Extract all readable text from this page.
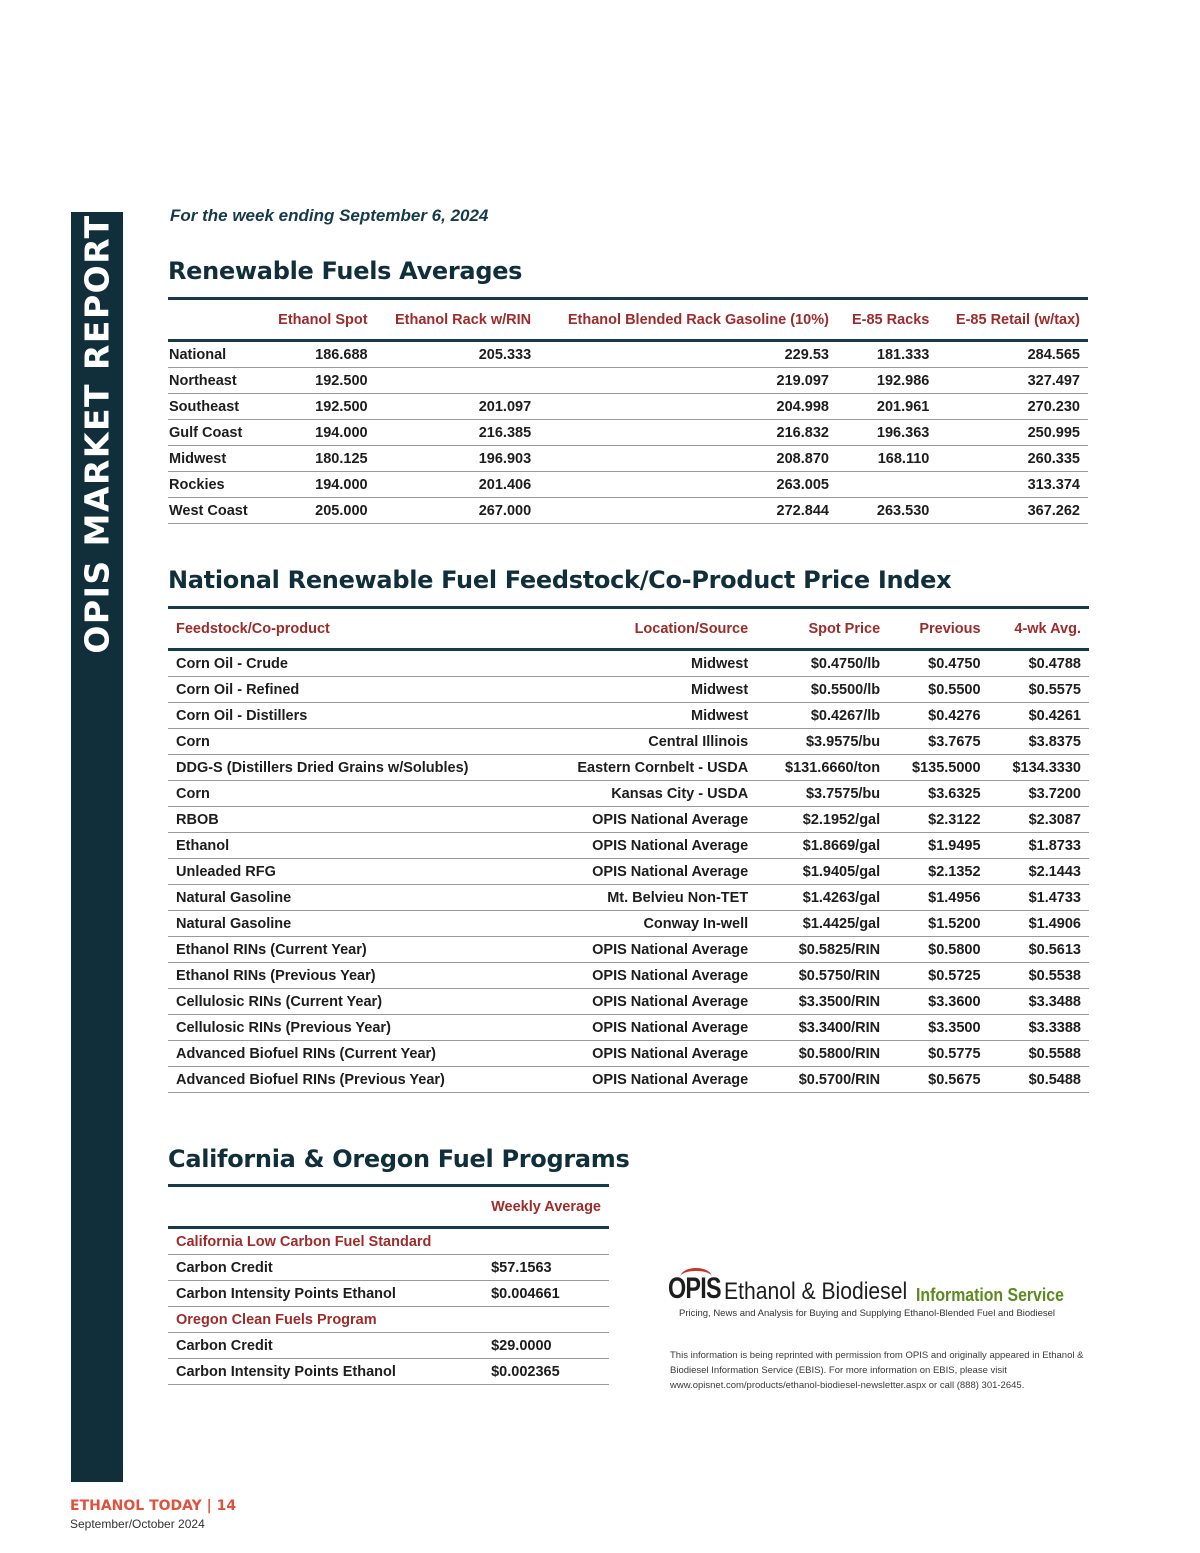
OPIS MARKET REPORT	For the week ending September 6, 2024
Renewable Fuels Averages
	Ethanol Spot	Ethanol Rack w/RIN	Ethanol Blended Rack Gasoline (10%)	E-85 Racks	E-85 Retail (w/tax)
National	186.688	205.333	229.53	181.333	284.565
Northeast	192.500		219.097	192.986	327.497
Southeast	192.500	201.097	204.998	201.961	270.230
Gulf Coast	194.000	216.385	216.832	196.363	250.995
Midwest	180.125	196.903	208.870	168.110	260.335
Rockies	194.000	201.406	263.005		313.374
West Coast	205.000	267.000	272.844	263.530	367.262
National Renewable Fuel Feedstock/Co-Product Price Index
Feedstock/Co-product	Location/Source	Spot Price	Previous	4-wk Avg.
Corn Oil - Crude	Midwest	$0.4750/lb	$0.4750	$0.4788
Corn Oil - Refined	Midwest	$0.5500/lb	$0.5500	$0.5575
Corn Oil - Distillers	Midwest	$0.4267/lb	$0.4276	$0.4261
Corn	Central Illinois	$3.9575/bu	$3.7675	$3.8375
DDG-S (Distillers Dried Grains w/Solubles)	Eastern Cornbelt - USDA	$131.6660/ton	$135.5000	$134.3330
Corn	Kansas City - USDA	$3.7575/bu	$3.6325	$3.7200
RBOB	OPIS National Average	$2.1952/gal	$2.3122	$2.3087
Ethanol	OPIS National Average	$1.8669/gal	$1.9495	$1.8733
Unleaded RFG	OPIS National Average	$1.9405/gal	$2.1352	$2.1443
Natural Gasoline	Mt. Belvieu Non-TET	$1.4263/gal	$1.4956	$1.4733
Natural Gasoline	Conway In-well	$1.4425/gal	$1.5200	$1.4906
Ethanol RINs (Current Year)	OPIS National Average	$0.5825/RIN	$0.5800	$0.5613
Ethanol RINs (Previous Year)	OPIS National Average	$0.5750/RIN	$0.5725	$0.5538
Cellulosic RINs (Current Year)	OPIS National Average	$3.3500/RIN	$3.3600	$3.3488
Cellulosic RINs (Previous Year)	OPIS National Average	$3.3400/RIN	$3.3500	$3.3388
Advanced Biofuel RINs (Current Year)	OPIS National Average	$0.5800/RIN	$0.5775	$0.5588
Advanced Biofuel RINs (Previous Year)	OPIS National Average	$0.5700/RIN	$0.5675	$0.5488
California & Oregon Fuel Programs
	Weekly Average
California Low Carbon Fuel Standard	
Carbon Credit	$57.1563
Carbon Intensity Points Ethanol	$0.004661
Oregon Clean Fuels Program	
Carbon Credit	$29.0000
Carbon Intensity Points Ethanol	$0.002365
OPIS Ethanol & Biodiesel Information Service
Pricing, News and Analysis for Buying and Supplying Ethanol-Blended Fuel and Biodiesel
This information is being reprinted with permission from OPIS and originally appeared in Ethanol & Biodiesel Information Service (EBIS). For more information on EBIS, please visit www.opisnet.com/products/ethanol-biodiesel-newsletter.aspx or call (888) 301-2645.
ETHANOL TODAY | 14
September/October 2024
